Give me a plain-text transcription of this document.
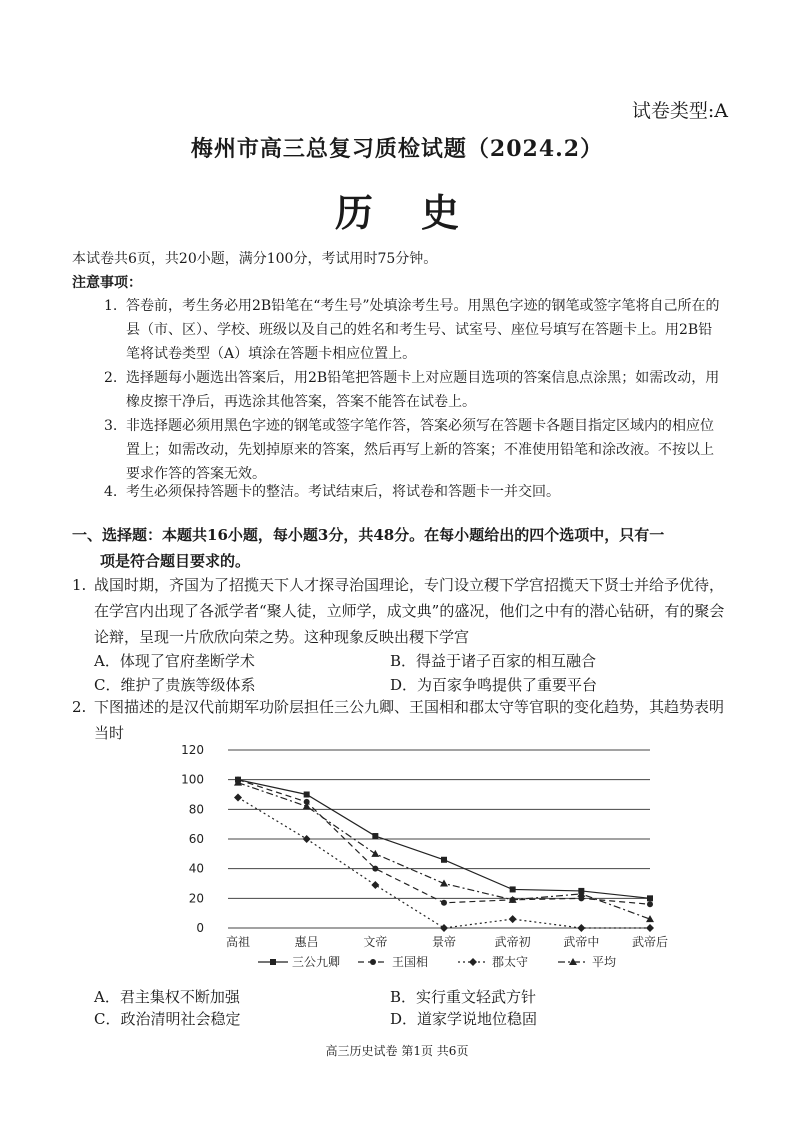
试卷类型:A
梅州市高三总复习质检试题（2024.2）
历史
本试卷共6页，共20小题，满分100分，考试用时75分钟。
注意事项：
1. 答卷前，考生务必用2B铅笔在“考生号”处填涂考生号。用黑色字迹的钢笔或签字笔将自己所在的县（市、区）、学校、班级以及自己的姓名和考生号、试室号、座位号填写在答题卡上。用2B铅笔将试卷类型（A）填涂在答题卡相应位置上。
2. 选择题每小题选出答案后，用2B铅笔把答题卡上对应题目选项的答案信息点涂黑；如需改动，用橡皮擦干净后，再选涂其他答案，答案不能答在试卷上。
3. 非选择题必须用黑色字迹的钢笔或签字笔作答，答案必须写在答题卡各题目指定区域内的相应位置上；如需改动，先划掉原来的答案，然后再写上新的答案；不准使用铅笔和涂改液。不按以上要求作答的答案无效。
4. 考生必须保持答题卡的整洁。考试结束后，将试卷和答题卡一并交回。
一、选择题：本题共16小题，每小题3分，共48分。在每小题给出的四个选项中，只有一
项是符合题目要求的。
1. 战国时期，齐国为了招揽天下人才探寻治国理论，专门设立稷下学宫招揽天下贤士并给予优待，在学宫内出现了各派学者“聚人徒，立师学，成文典”的盛况，他们之中有的潜心钻研，有的聚会论辩，呈现一片欣欣向荣之势。这种现象反映出稷下学宫
A．体现了官府垄断学术	B．得益于诸子百家的相互融合
C．维护了贵族等级体系	D．为百家争鸣提供了重要平台
2. 下图描述的是汉代前期军功阶层担任三公九卿、王国相和郡太守等官职的变化趋势，其趋势表明当时
0
20
40
60
80
100
120
高祖	惠吕	文帝	景帝	武帝初	武帝中	武帝后
三公九卿	王国相	郡太守	平均
A．君主集权不断加强	B．实行重文轻武方针
C．政治清明社会稳定	D．道家学说地位稳固
高三历史试卷 第1页 共6页
